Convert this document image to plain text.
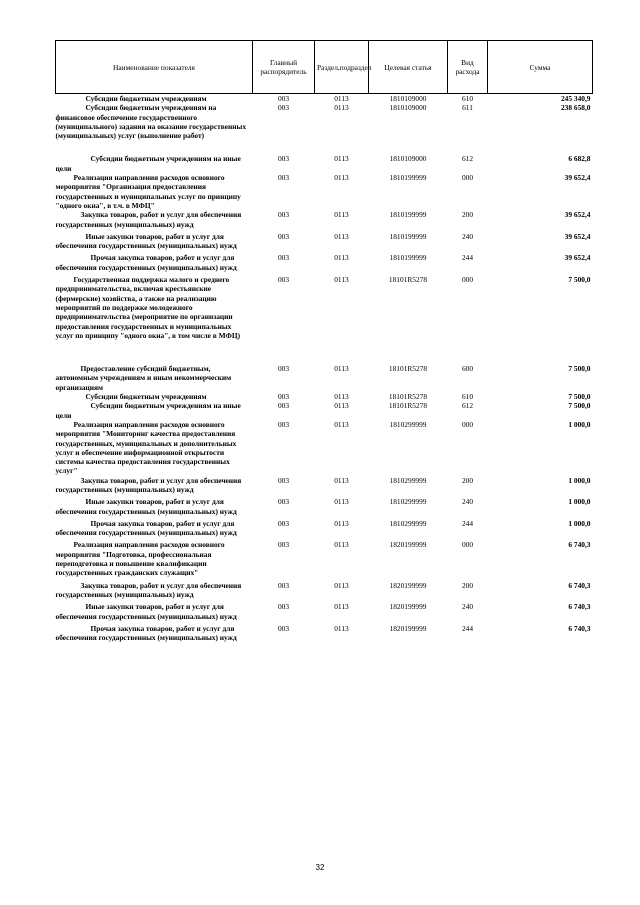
Наименование показателя	Главный распорядитель	Раздел,подраздел	Целевая статья	Вид расхода	Сумма
Субсидии бюджетным учреждениям	003	0113	1810109000	610	245 340,9
Субсидии бюджетным учреждениям на финансовое обеспечение государственного (муниципального) задания на оказание государственных (муниципальных) услуг (выполнение работ)	003	0113	1810109000	611	238 658,0
Субсидии бюджетным учреждениям на иные цели	003	0113	1810109000	612	6 682,8
Реализация направления расходов основного мероприятия "Организация предоставления государственных и муниципальных услуг по принципу "одного окна", в т.ч. в МФЦ"	003	0113	1810199999	000	39 652,4
Закупка товаров, работ и услуг для обеспечения государственных (муниципальных) нужд	003	0113	1810199999	200	39 652,4
Иные закупки товаров, работ и услуг для обеспечения государственных (муниципальных) нужд	003	0113	1810199999	240	39 652,4
Прочая закупка товаров, работ и услуг для обеспечения государственных (муниципальных) нужд	003	0113	1810199999	244	39 652,4
Государственная поддержка малого и среднего предпринимательства, включая крестьянские (фермерские) хозяйства, а также на реализацию мероприятий по поддержке молодежного предпринимательства (мероприятие по организации предоставления государственных и муниципальных услуг по принципу "одного окна", в том числе в МФЦ)	003	0113	18101R5278	000	7 500,0
Предоставление субсидий бюджетным, автономным учреждениям и иным некоммерческим организациям	003	0113	18101R5278	600	7 500,0
Субсидии бюджетным учреждениям	003	0113	18101R5278	610	7 500,0
Субсидии бюджетным учреждениям на иные цели	003	0113	18101R5278	612	7 500,0
Реализация направления расходов основного мероприятия "Мониторинг качества предоставления государственных, муниципальных и дополнительных услуг и обеспечение информационной открытости системы качества предоставления государственных услуг"	003	0113	1810299999	000	1 000,0
Закупка товаров, работ и услуг для обеспечения государственных (муниципальных) нужд	003	0113	1810299999	200	1 000,0
Иные закупки товаров, работ и услуг для обеспечения государственных (муниципальных) нужд	003	0113	1810299999	240	1 000,0
Прочая закупка товаров, работ и услуг для обеспечения государственных (муниципальных) нужд	003	0113	1810299999	244	1 000,0
Реализация направления расходов основного мероприятия "Подготовка, профессиональная переподготовка и повышение квалификации государственных гражданских служащих"	003	0113	1820199999	000	6 740,3
Закупка товаров, работ и услуг для обеспечения государственных (муниципальных) нужд	003	0113	1820199999	200	6 740,3
Иные закупки товаров, работ и услуг для обеспечения государственных (муниципальных) нужд	003	0113	1820199999	240	6 740,3
Прочая закупка товаров, работ и услуг для обеспечения государственных (муниципальных) нужд	003	0113	1820199999	244	6 740,3
32
